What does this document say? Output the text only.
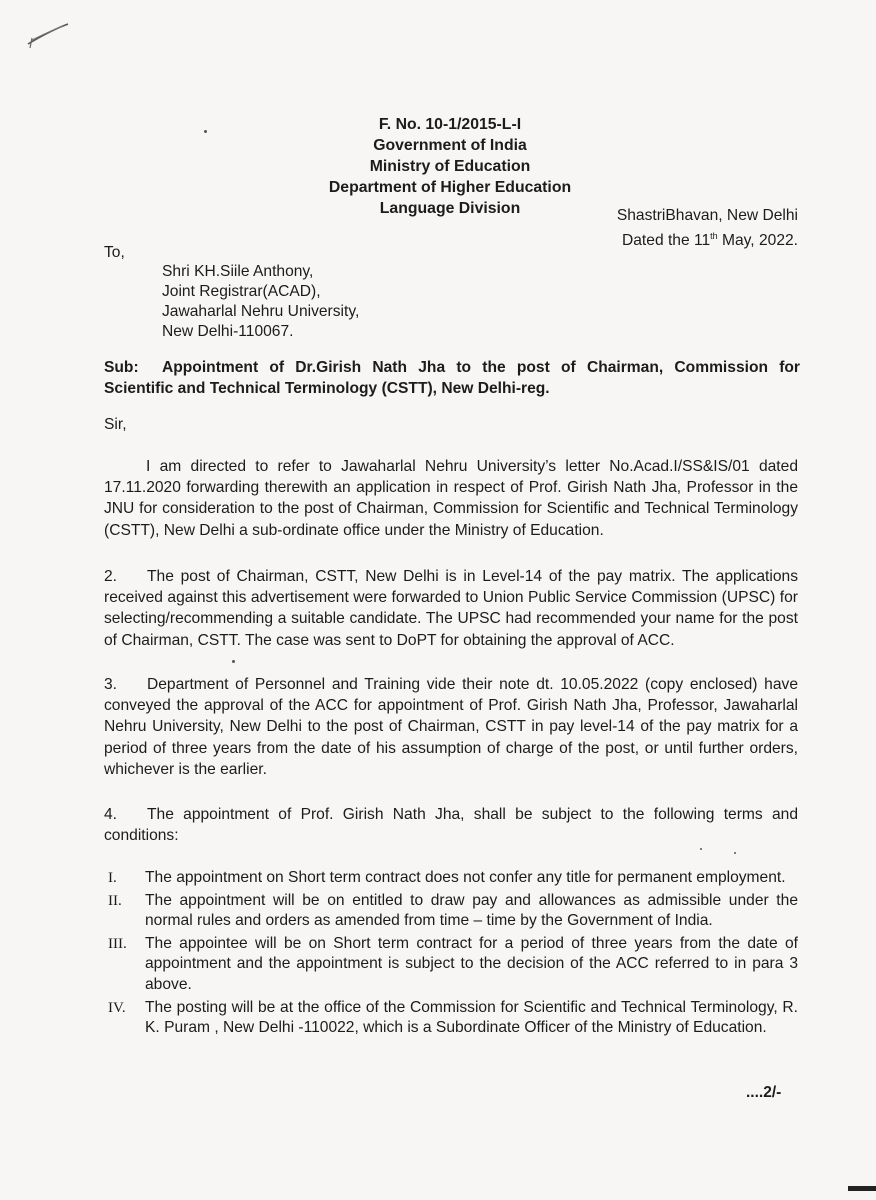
F. No. 10-1/2015-L-I
Government of India
Ministry of Education
Department of Higher Education
Language Division	ShastriBhavan, New Delhi
Dated the 11th May, 2022.
To,
Shri KH.Siile Anthony,
Joint Registrar(ACAD),
Jawaharlal Nehru University,
New Delhi-110067.
Sub: Appointment of Dr.Girish Nath Jha to the post of Chairman, Commission for
Scientific and Technical Terminology (CSTT), New Delhi-reg.
Sir,

I am directed to refer to Jawaharlal Nehru University’s letter No.Acad.I/SS&IS/01 dated 17.11.2020 forwarding therewith an application in respect of Prof. Girish Nath Jha, Professor in the JNU for consideration to the post of Chairman, Commission for Scientific and Technical Terminology (CSTT), New Delhi a sub-ordinate office under the Ministry of Education.

2. The post of Chairman, CSTT, New Delhi is in Level-14 of the pay matrix. The applications received against this advertisement were forwarded to Union Public Service Commission (UPSC) for selecting/recommending a suitable candidate. The UPSC had recommended your name for the post of Chairman, CSTT. The case was sent to DoPT for obtaining the approval of ACC.

3. Department of Personnel and Training vide their note dt. 10.05.2022 (copy enclosed) have conveyed the approval of the ACC for appointment of Prof. Girish Nath Jha, Professor, Jawaharlal Nehru University, New Delhi to the post of Chairman, CSTT in pay level-14 of the pay matrix for a period of three years from the date of his assumption of charge of the post, or until further orders, whichever is the earlier.

4. The appointment of Prof. Girish Nath Jha, shall be subject to the following terms and conditions:

I.	The appointment on Short term contract does not confer any title for permanent employment.
II.	The appointment will be on entitled to draw pay and allowances as admissible under the normal rules and orders as amended from time – time by the Government of India.
III.	The appointee will be on Short term contract for a period of three years from the date of appointment and the appointment is subject to the decision of the ACC referred to in para 3 above.
IV.	The posting will be at the office of the Commission for Scientific and Technical Terminology, R. K. Puram , New Delhi -110022, which is a Subordinate Officer of the Ministry of Education.
....2/-
